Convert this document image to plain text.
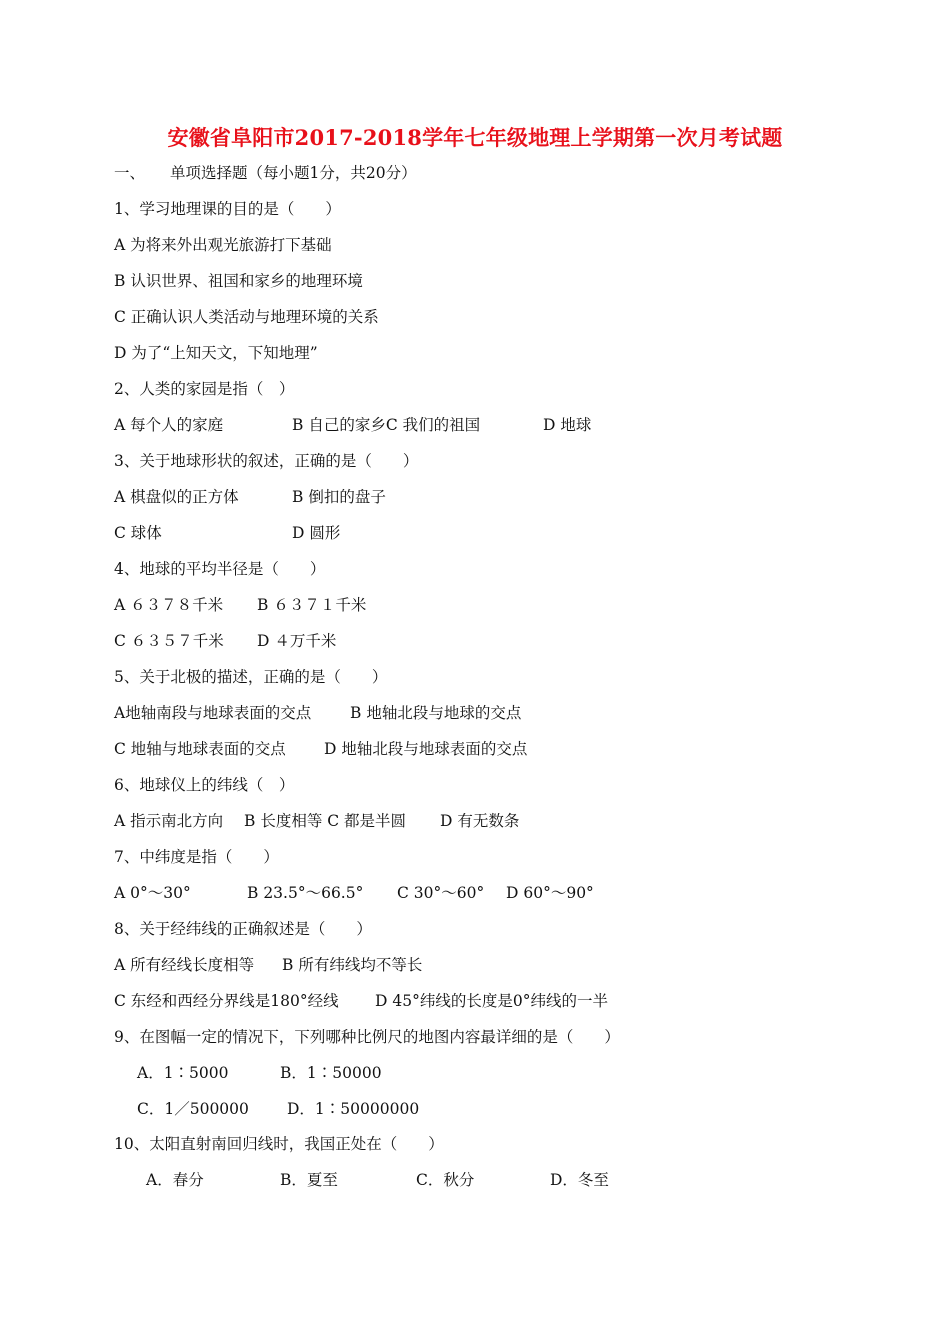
安徽省阜阳市2017-2018学年七年级地理上学期第一次月考试题
一、 单项选择题（每小题1分，共20分）
1、学习地理课的目的是（　　）
A 为将来外出观光旅游打下基础
B 认识世界、祖国和家乡的地理环境
C 正确认识人类活动与地理环境的关系
D 为了“上知天文，下知地理”
2、人类的家园是指（　）
A 每个人的家庭	B 自己的家乡C 我们的祖国	D 地球
3、关于地球形状的叙述，正确的是（　　）
A 棋盘似的正方体	B 倒扣的盘子
C 球体	D 圆形
4、地球的平均半径是（　　）
A ６３７８千米 B ６３７１千米
C ６３５７千米 D ４万千米
5、关于北极的描述，正确的是（　　）
A地轴南段与地球表面的交点	B 地轴北段与地球的交点
C 地轴与地球表面的交点 D 地轴北段与地球表面的交点
6、地球仪上的纬线（　）
A 指示南北方向 B 长度相等 C 都是半圆 D 有无数条
7、中纬度是指（　　）
A 0°～30°	B 23.5°～66.5° C 30°～60° D 60°～90°
8、关于经纬线的正确叙述是（　　）
A 所有经线长度相等 B 所有纬线均不等长
C 东经和西经分界线是180°经线 D 45°纬线的长度是0°纬线的一半
9、在图幅一定的情况下，下列哪种比例尺的地图内容最详细的是（　　）
A．1∶5000	B．1∶50000
C．1／500000 D．1∶50000000
10、太阳直射南回归线时，我国正处在（　　）
A．春分	B．夏至	C．秋分	D．冬至
